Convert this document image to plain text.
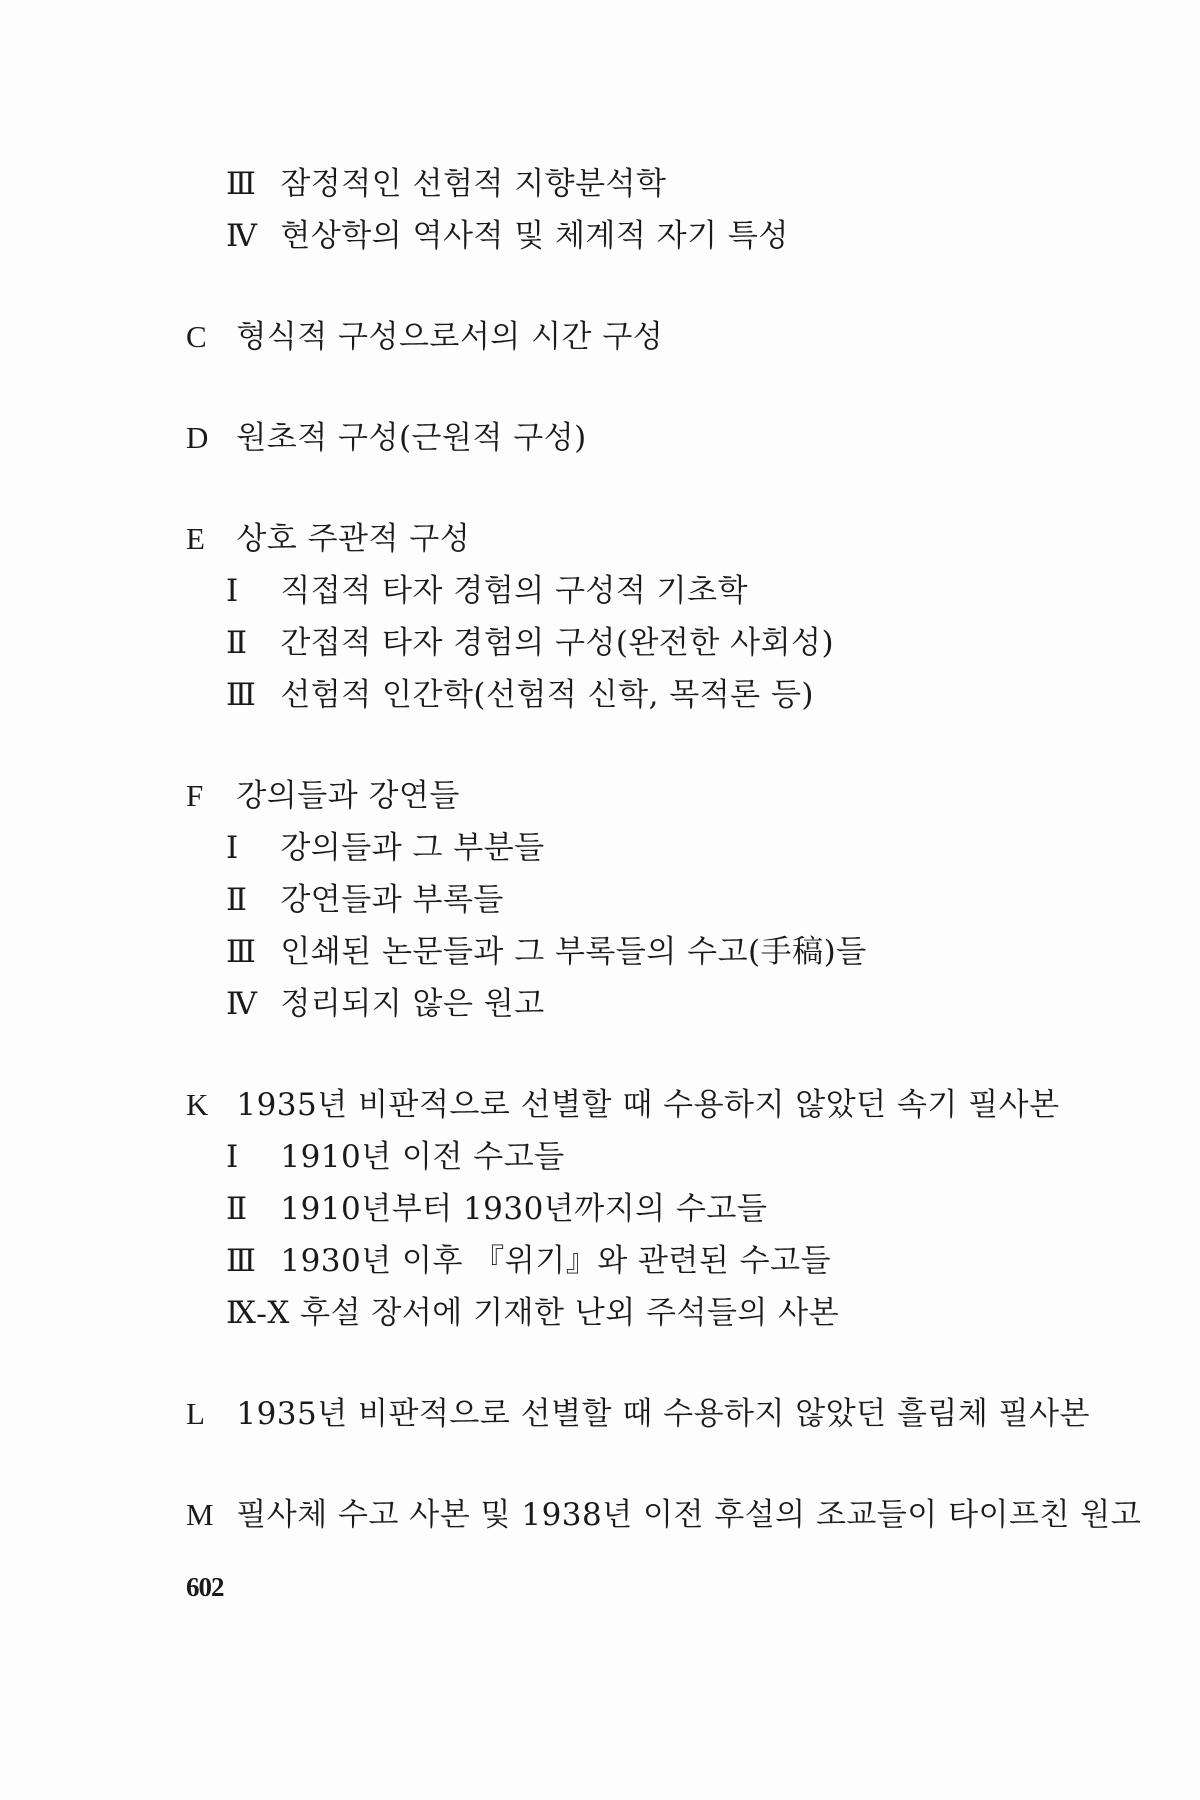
Ⅲ 잠정적인 선험적 지향분석학
Ⅳ 현상학의 역사적 및 체계적 자기 특성
C 형식적 구성으로서의 시간 구성
D 원초적 구성(근원적 구성)
E 상호 주관적 구성
Ⅰ 직접적 타자 경험의 구성적 기초학
Ⅱ 간접적 타자 경험의 구성(완전한 사회성)
Ⅲ 선험적 인간학(선험적 신학, 목적론 등)
F 강의들과 강연들
Ⅰ 강의들과 그 부분들
Ⅱ 강연들과 부록들
Ⅲ 인쇄된 논문들과 그 부록들의 수고(手稿)들
Ⅳ 정리되지 않은 원고
K 1935년 비판적으로 선별할 때 수용하지 않았던 속기 필사본
Ⅰ 1910년 이전 수고들
Ⅱ 1910년부터 1930년까지의 수고들
Ⅲ 1930년 이후 『위기』와 관련된 수고들
Ⅸ-Ⅹ 후설 장서에 기재한 난외 주석들의 사본
L 1935년 비판적으로 선별할 때 수용하지 않았던 흘림체 필사본
M 필사체 수고 사본 및 1938년 이전 후설의 조교들이 타이프친 원고
602
